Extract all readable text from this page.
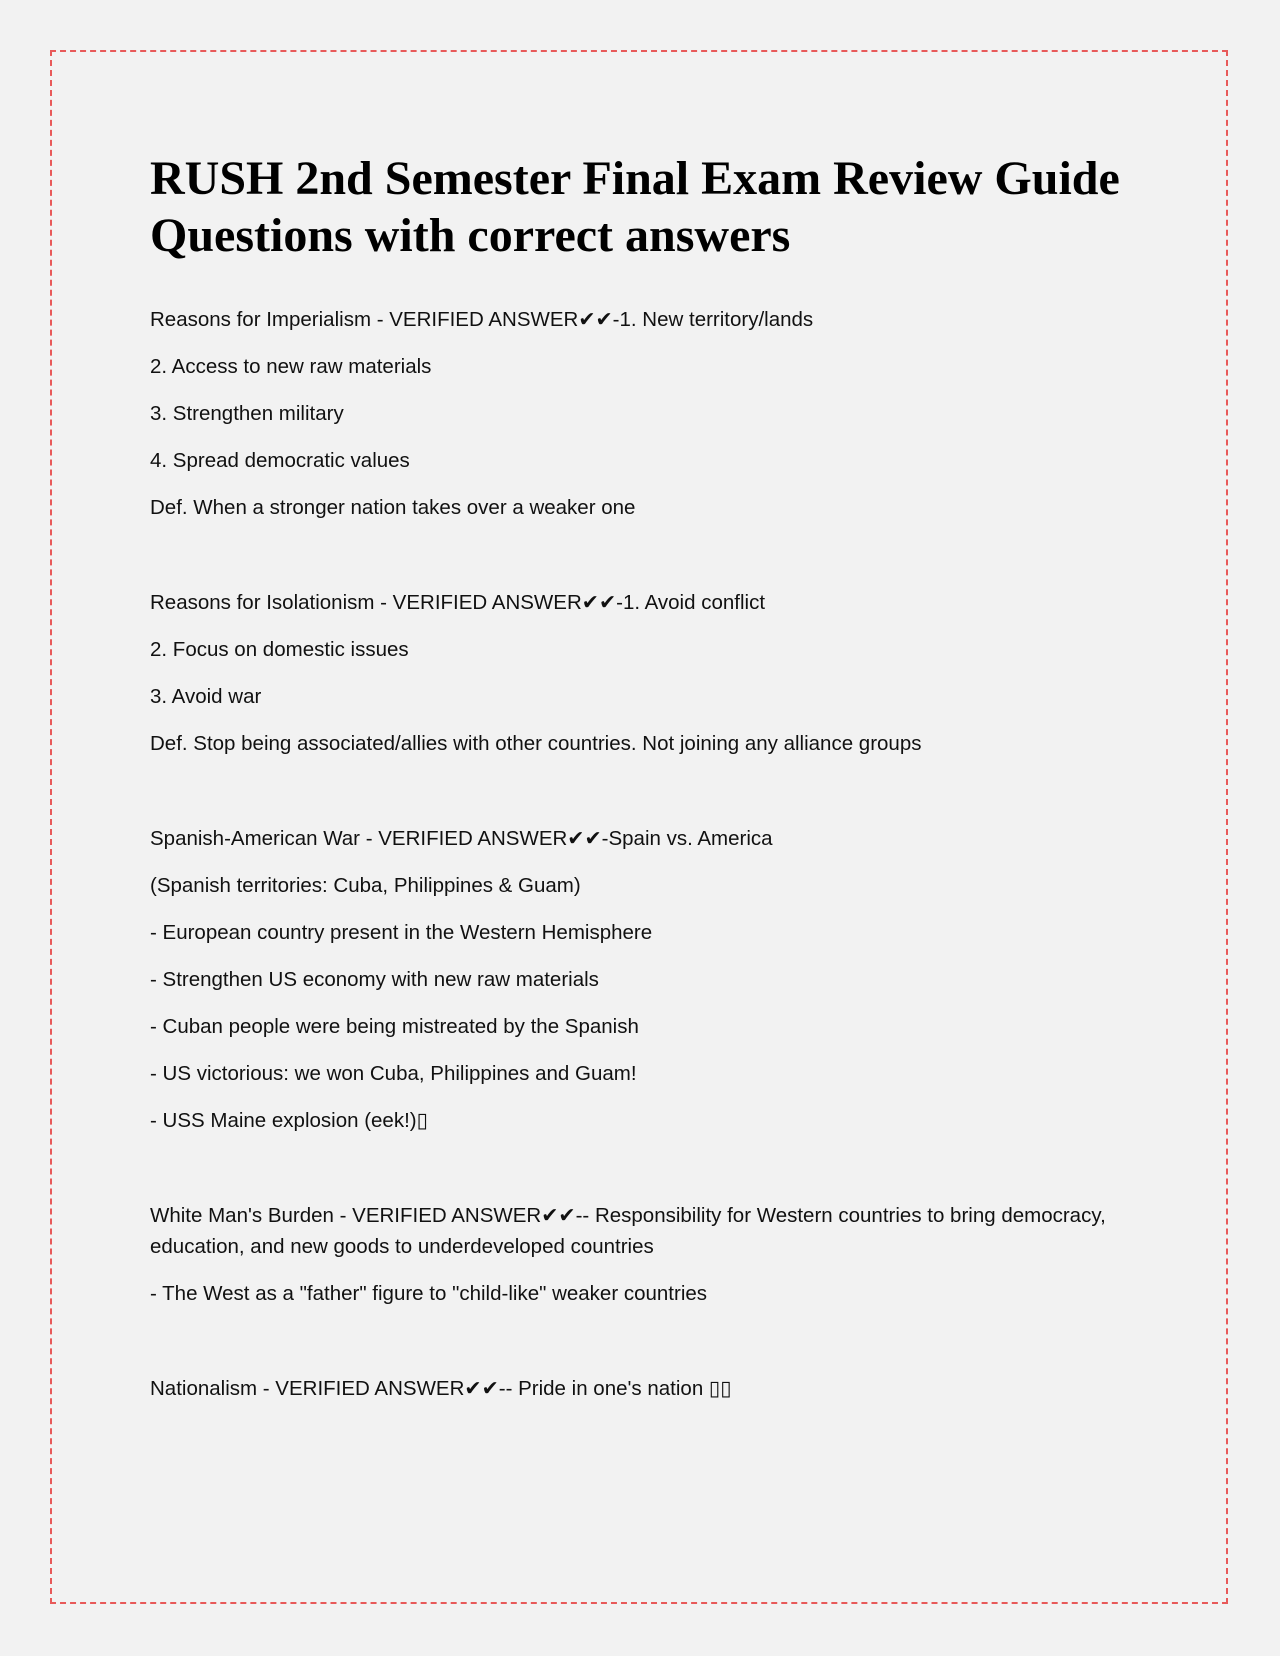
RUSH 2nd Semester Final Exam Review Guide Questions with correct answers

Reasons for Imperialism - VERIFIED ANSWER✔✔-1. New territory/lands

2. Access to new raw materials

3. Strengthen military

4. Spread democratic values

Def. When a stronger nation takes over a weaker one

Reasons for Isolationism - VERIFIED ANSWER✔✔-1. Avoid conflict

2. Focus on domestic issues

3. Avoid war

Def. Stop being associated/allies with other countries. Not joining any alliance groups

Spanish-American War - VERIFIED ANSWER✔✔-Spain vs. America

(Spanish territories: Cuba, Philippines & Guam)

- European country present in the Western Hemisphere

- Strengthen US economy with new raw materials

- Cuban people were being mistreated by the Spanish

- US victorious: we won Cuba, Philippines and Guam!

- USS Maine explosion (eek!)▯

White Man's Burden - VERIFIED ANSWER✔✔-- Responsibility for Western countries to bring democracy, education, and new goods to underdeveloped countries

- The West as a "father" figure to "child-like" weaker countries

Nationalism - VERIFIED ANSWER✔✔-- Pride in one's nation ▯▯
